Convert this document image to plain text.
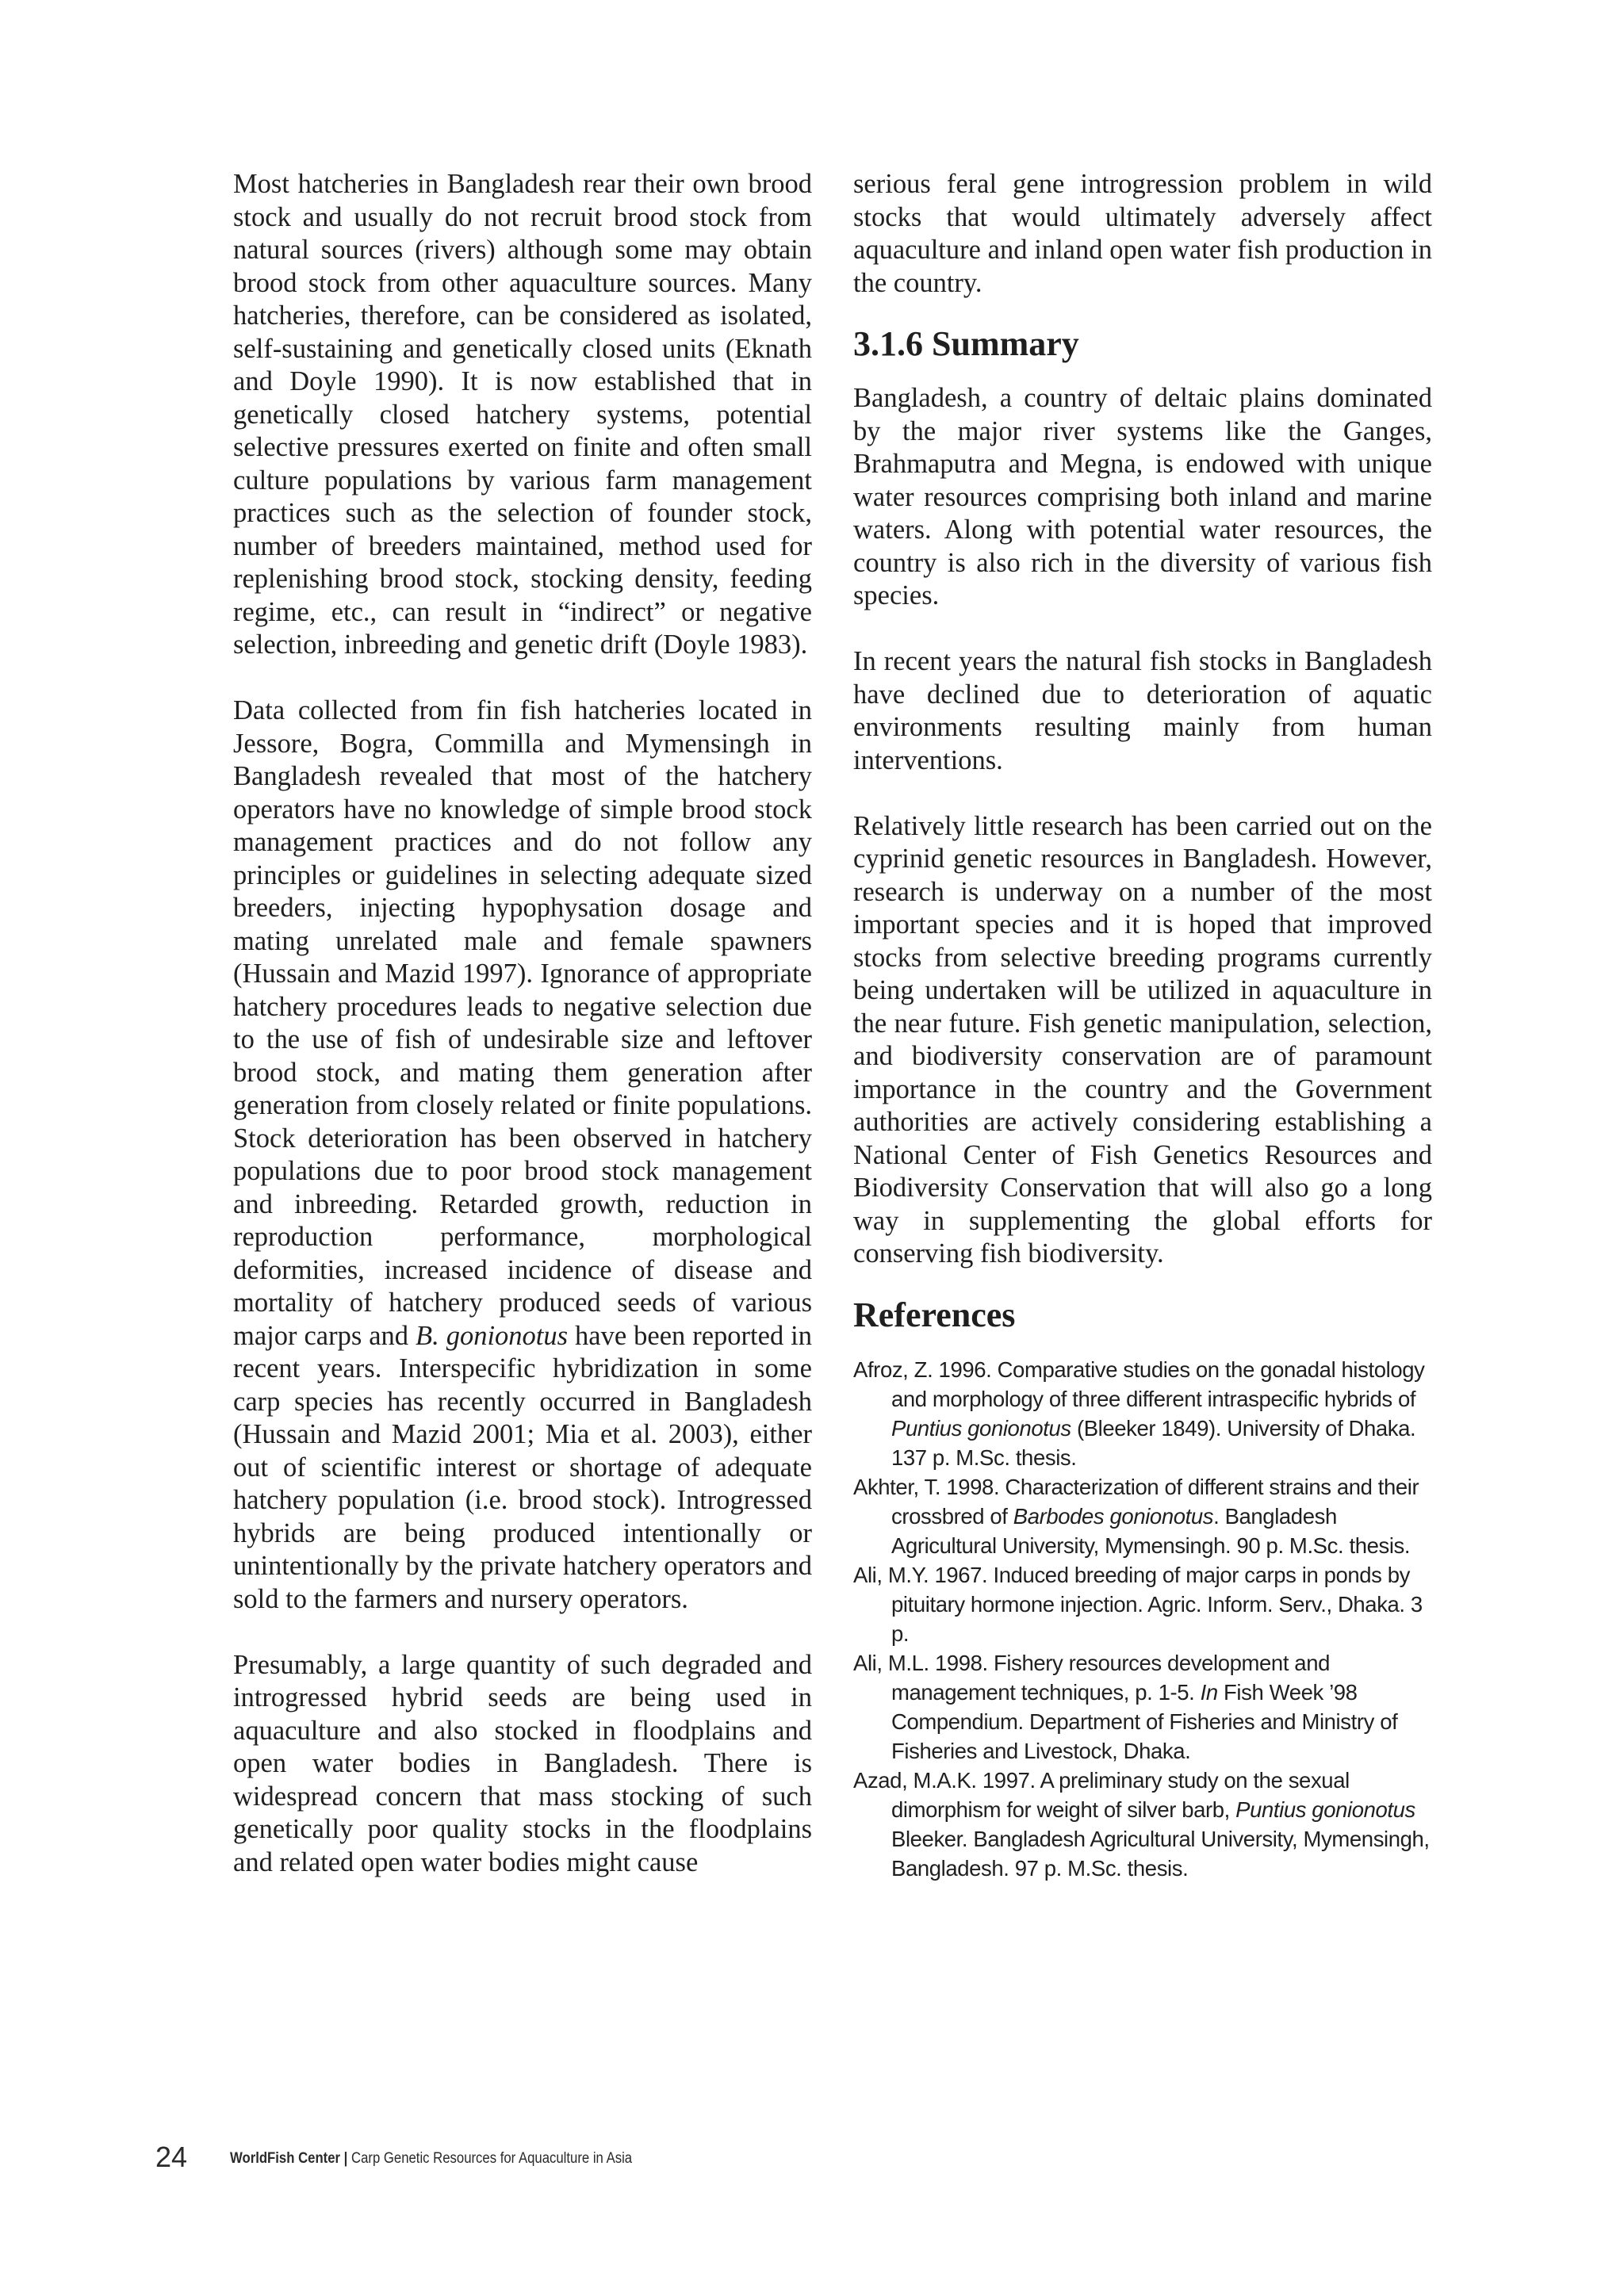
Most hatcheries in Bangladesh rear their own brood stock and usually do not recruit brood stock from natural sources (rivers) although some may obtain brood stock from other aquaculture sources. Many hatcheries, therefore, can be considered as isolated, self-sustaining and genetically closed units (Eknath and Doyle 1990). It is now established that in genetically closed hatchery systems, potential selective pressures exerted on finite and often small culture populations by various farm management practices such as the selection of founder stock, number of breeders maintained, method used for replenishing brood stock, stocking density, feeding regime, etc., can result in “indirect” or negative selection, inbreeding and genetic drift (Doyle 1983).

Data collected from fin fish hatcheries located in Jessore, Bogra, Commilla and Mymensingh in Bangladesh revealed that most of the hatchery operators have no knowledge of simple brood stock management practices and do not follow any principles or guidelines in selecting adequate sized breeders, injecting hypophysation dosage and mating unrelated male and female spawners (Hussain and Mazid 1997). Ignorance of appropriate hatchery procedures leads to negative selection due to the use of fish of undesirable size and leftover brood stock, and mating them generation after generation from closely related or finite populations. Stock deterioration has been observed in hatchery populations due to poor brood stock management and inbreeding. Retarded growth, reduction in reproduction performance, morphological deformities, increased incidence of disease and mortality of hatchery produced seeds of various major carps and B. gonionotus have been reported in recent years. Interspecific hybridization in some carp species has recently occurred in Bangladesh (Hussain and Mazid 2001; Mia et al. 2003), either out of scientific interest or shortage of adequate hatchery population (i.e. brood stock). Introgressed hybrids are being produced intentionally or unintentionally by the private hatchery operators and sold to the farmers and nursery operators.

Presumably, a large quantity of such degraded and introgressed hybrid seeds are being used in aquaculture and also stocked in floodplains and open water bodies in Bangladesh. There is widespread concern that mass stocking of such genetically poor quality stocks in the floodplains and related open water bodies might cause

serious feral gene introgression problem in wild stocks that would ultimately adversely affect aquaculture and inland open water fish production in the country.

3.1.6 Summary

Bangladesh, a country of deltaic plains dominated by the major river systems like the Ganges, Brahmaputra and Megna, is endowed with unique water resources comprising both inland and marine waters. Along with potential water resources, the country is also rich in the diversity of various fish species.

In recent years the natural fish stocks in Bangladesh have declined due to deterioration of aquatic environments resulting mainly from human interventions.

Relatively little research has been carried out on the cyprinid genetic resources in Bangladesh. However, research is underway on a number of the most important species and it is hoped that improved stocks from selective breeding programs currently being undertaken will be utilized in aquaculture in the near future. Fish genetic manipulation, selection, and biodiversity conservation are of paramount importance in the country and the Government authorities are actively considering establishing a National Center of Fish Genetics Resources and Biodiversity Conservation that will also go a long way in supplementing the global efforts for conserving fish biodiversity.

References
Afroz, Z. 1996. Comparative studies on the gonadal histology and morphology of three different intraspecific hybrids of Puntius gonionotus (Bleeker 1849). University of Dhaka. 137 p. M.Sc. thesis.
Akhter, T. 1998. Characterization of different strains and their crossbred of Barbodes gonionotus. Bangladesh Agricultural University, Mymensingh. 90 p. M.Sc. thesis.
Ali, M.Y. 1967. Induced breeding of major carps in ponds by pituitary hormone injection. Agric. Inform. Serv., Dhaka. 3 p.
Ali, M.L. 1998. Fishery resources development and management techniques, p. 1-5. In Fish Week ’98 Compendium. Department of Fisheries and Ministry of Fisheries and Livestock, Dhaka.
Azad, M.A.K. 1997. A preliminary study on the sexual dimorphism for weight of silver barb, Puntius gonionotus Bleeker. Bangladesh Agricultural University, Mymensingh, Bangladesh. 97 p. M.Sc. thesis.
24	WorldFish Center | Carp Genetic Resources for Aquaculture in Asia
